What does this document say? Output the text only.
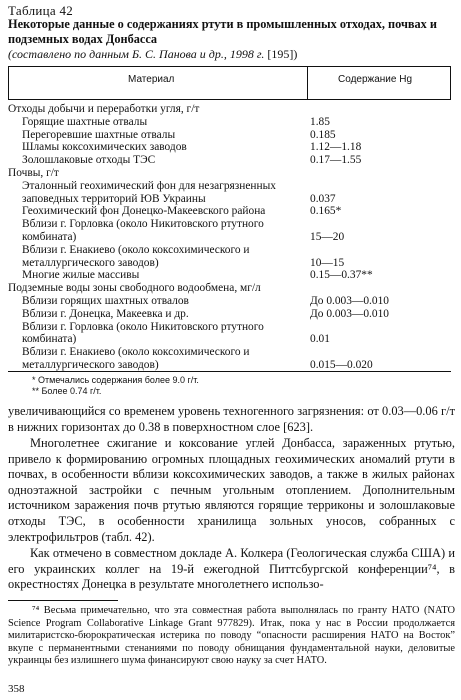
Таблица 42
Некоторые данные о содержаниях ртути в промышленных отходах, почвах и подземных водах Донбасса
(составлено по данным Б. С. Панова и др., 1998 г. [195])
Материал	Содержание Hg
Отходы добычи и переработки угля, г/т
Горящие шахтные отвалы	1.85
Перегоревшие шахтные отвалы	0.185
Шламы коксохимических заводов	1.12—1.18
Золошлаковые отходы ТЭС	0.17—1.55
Почвы, г/т
Эталонный геохимический фон для незагрязненных заповедных территорий ЮВ Украины	0.037
Геохимический фон Донецко-Макеевского района	0.165*
Вблизи г. Горловка (около Никитовского ртутного комбината)	15—20
Вблизи г. Енакиево (около коксохимического и металлургического заводов)	10—15
Многие жилые массивы	0.15—0.37**
Подземные воды зоны свободного водообмена, мг/л
Вблизи горящих шахтных отвалов	До 0.003—0.010
Вблизи г. Донецка, Макеевка и др.	До 0.003—0.010
Вблизи г. Горловка (около Никитовского ртутного комбината)	0.01
Вблизи г. Енакиево (около коксохимического и металлургического заводов)	0.015—0.020
* Отмечались содержания более 9.0 г/т.
** Более 0.74 г/т.
увеличивающийся со временем уровень техногенного загрязнения: от 0.03—0.06 г/т в нижних горизонтах до 0.38 в поверхностном слое [623].
Многолетнее сжигание и коксование углей Донбасса, зараженных ртутью, привело к формированию огромных площадных геохимических аномалий ртути в почвах, в особенности вблизи коксохимических заводов, а также в жилых районах одноэтажной застройки с печным угольным отоплением. Дополнительным источником заражения почв ртутью являются горящие терриконы и золошлаковые отходы ТЭС, в особенности хранилища зольных уносов, собранных с электрофильтров (табл. 42).
Как отмечено в совместном докладе А. Колкера (Геологическая служба США) и его украинских коллег на 19-й ежегодной Питтсбургской конференции⁷⁴, в окрестностях Донецка в результате многолетнего использо-
⁷⁴ Весьма примечательно, что эта совместная работа выполнялась по гранту НАТО (NATO Science Program Collaborative Linkage Grant 977829). Итак, пока у нас в России продолжается милитаристско-бюрократическая истерика по поводу “опасности расширения НАТО на Восток” вкупе с перманентными стенаниями по поводу обнищания фундаментальной науки, деловитые украинцы без излишнего шума финансируют свою науку за счет НАТО.
358
